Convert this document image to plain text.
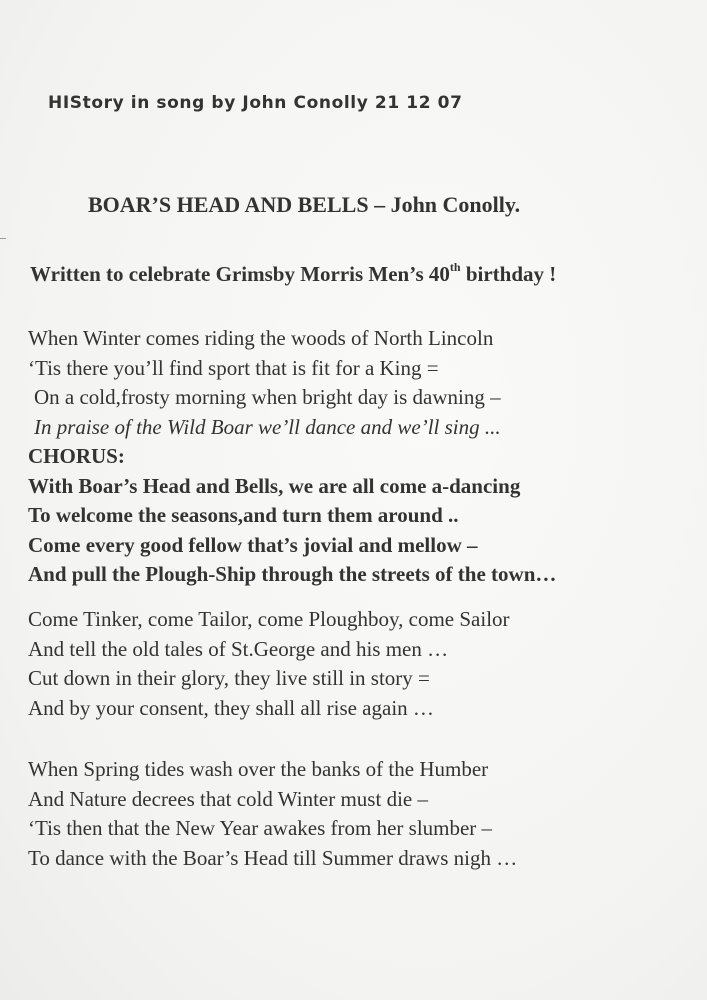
HIStory in song by John Conolly 21 12 07
BOAR’S HEAD AND BELLS – John Conolly.
Written to celebrate Grimsby Morris Men’s 40th birthday !
When Winter comes riding the woods of North Lincoln
‘Tis there you’ll find sport that is fit for a King =
On a cold,frosty morning when bright day is dawning –
In praise of the Wild Boar we’ll dance and we’ll sing ...
CHORUS:
With Boar’s Head and Bells, we are all come a-dancing
To welcome the seasons,and turn them around ..
Come every good fellow that’s jovial and mellow –
And pull the Plough-Ship through the streets of the town…
Come Tinker, come Tailor, come Ploughboy, come Sailor
And tell the old tales of St.George and his men …
Cut down in their glory, they live still in story =
And by your consent, they shall all rise again …
When Spring tides wash over the banks of the Humber
And Nature decrees that cold Winter must die –
‘Tis then that the New Year awakes from her slumber –
To dance with the Boar’s Head till Summer draws nigh …
